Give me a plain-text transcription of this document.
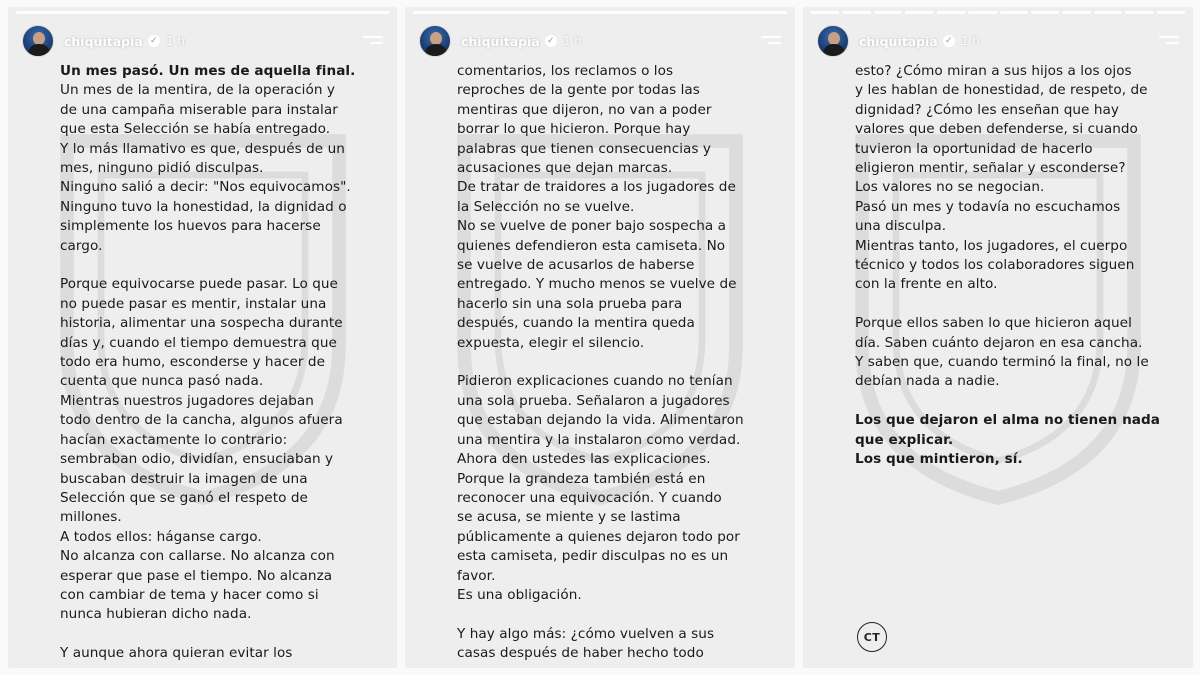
chiquitapia ✓ 1 h

Un mes pasó. Un mes de aquella final.

Un mes de la mentira, de la operación y

de una campaña miserable para instalar

que esta Selección se había entregado.

Y lo más llamativo es que, después de un

mes, ninguno pidió disculpas.

Ninguno salió a decir: "Nos equivocamos".

Ninguno tuvo la honestidad, la dignidad o

simplemente los huevos para hacerse

cargo.

Porque equivocarse puede pasar. Lo que

no puede pasar es mentir, instalar una

historia, alimentar una sospecha durante

días y, cuando el tiempo demuestra que

todo era humo, esconderse y hacer de

cuenta que nunca pasó nada.

Mientras nuestros jugadores dejaban

todo dentro de la cancha, algunos afuera

hacían exactamente lo contrario:

sembraban odio, dividían, ensuciaban y

buscaban destruir la imagen de una

Selección que se ganó el respeto de

millones.

A todos ellos: háganse cargo.

No alcanza con callarse. No alcanza con

esperar que pase el tiempo. No alcanza

con cambiar de tema y hacer como si

nunca hubieran dicho nada.

Y aunque ahora quieran evitar los

chiquitapia ✓ 1 h

comentarios, los reclamos o los

reproches de la gente por todas las

mentiras que dijeron, no van a poder

borrar lo que hicieron. Porque hay

palabras que tienen consecuencias y

acusaciones que dejan marcas.

De tratar de traidores a los jugadores de

la Selección no se vuelve.

No se vuelve de poner bajo sospecha a

quienes defendieron esta camiseta. No

se vuelve de acusarlos de haberse

entregado. Y mucho menos se vuelve de

hacerlo sin una sola prueba para

después, cuando la mentira queda

expuesta, elegir el silencio.

Pidieron explicaciones cuando no tenían

una sola prueba. Señalaron a jugadores

que estaban dejando la vida. Alimentaron

una mentira y la instalaron como verdad.

Ahora den ustedes las explicaciones.

Porque la grandeza también está en

reconocer una equivocación. Y cuando

se acusa, se miente y se lastima

públicamente a quienes dejaron todo por

esta camiseta, pedir disculpas no es un

favor.

Es una obligación.

Y hay algo más: ¿cómo vuelven a sus

casas después de haber hecho todo

chiquitapia ✓ 1 h

esto? ¿Cómo miran a sus hijos a los ojos

y les hablan de honestidad, de respeto, de

dignidad? ¿Cómo les enseñan que hay

valores que deben defenderse, si cuando

tuvieron la oportunidad de hacerlo

eligieron mentir, señalar y esconderse?

Los valores no se negocian.

Pasó un mes y todavía no escuchamos

una disculpa.

Mientras tanto, los jugadores, el cuerpo

técnico y todos los colaboradores siguen

con la frente en alto.

Porque ellos saben lo que hicieron aquel

día. Saben cuánto dejaron en esa cancha.

Y saben que, cuando terminó la final, no le

debían nada a nadie.

Los que dejaron el alma no tienen nada

que explicar.

Los que mintieron, sí.

CT
